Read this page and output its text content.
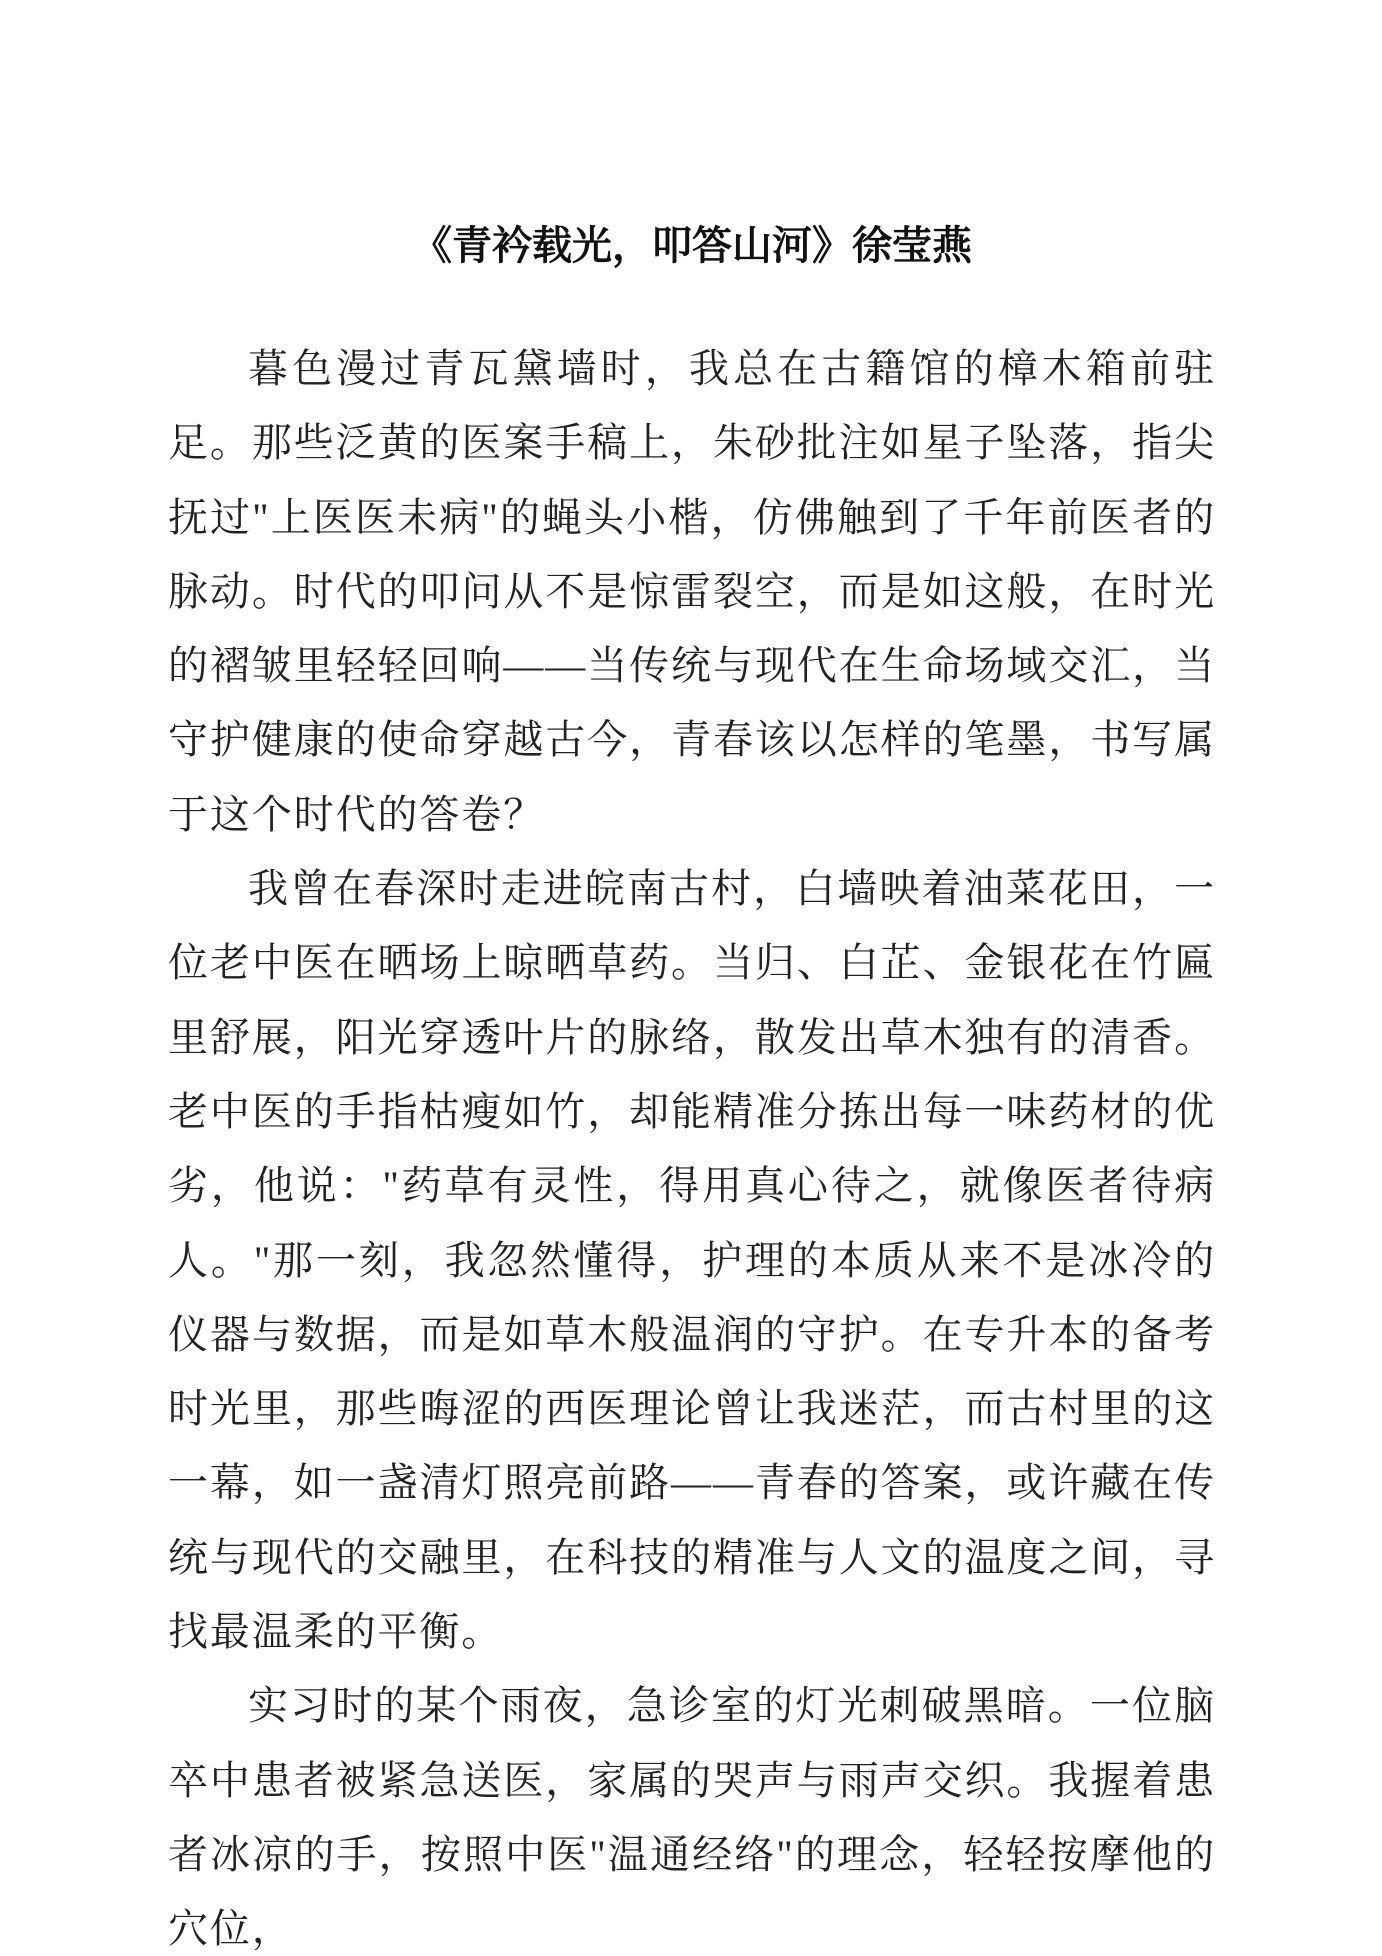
《青衿载光，叩答山河》徐莹燕

暮色漫过青瓦黛墙时，我总在古籍馆的樟木箱前驻足。那些泛黄的医案手稿上，朱砂批注如星子坠落，指尖抚过"上医医未病"的蝇头小楷，仿佛触到了千年前医者的脉动。时代的叩问从不是惊雷裂空，而是如这般，在时光的褶皱里轻轻回响——当传统与现代在生命场域交汇，当守护健康的使命穿越古今，青春该以怎样的笔墨，书写属于这个时代的答卷？

我曾在春深时走进皖南古村，白墙映着油菜花田，一位老中医在晒场上晾晒草药。当归、白芷、金银花在竹匾里舒展，阳光穿透叶片的脉络，散发出草木独有的清香。老中医的手指枯瘦如竹，却能精准分拣出每一味药材的优劣，他说："药草有灵性，得用真心待之，就像医者待病人。"那一刻，我忽然懂得，护理的本质从来不是冰冷的仪器与数据，而是如草木般温润的守护。在专升本的备考时光里，那些晦涩的西医理论曾让我迷茫，而古村里的这一幕，如一盏清灯照亮前路——青春的答案，或许藏在传统与现代的交融里，在科技的精准与人文的温度之间，寻找最温柔的平衡。

实习时的某个雨夜，急诊室的灯光刺破黑暗。一位脑卒中患者被紧急送医，家属的哭声与雨声交织。我握着患者冰凉的手，按照中医"温通经络"的理念，轻轻按摩他的穴位，
